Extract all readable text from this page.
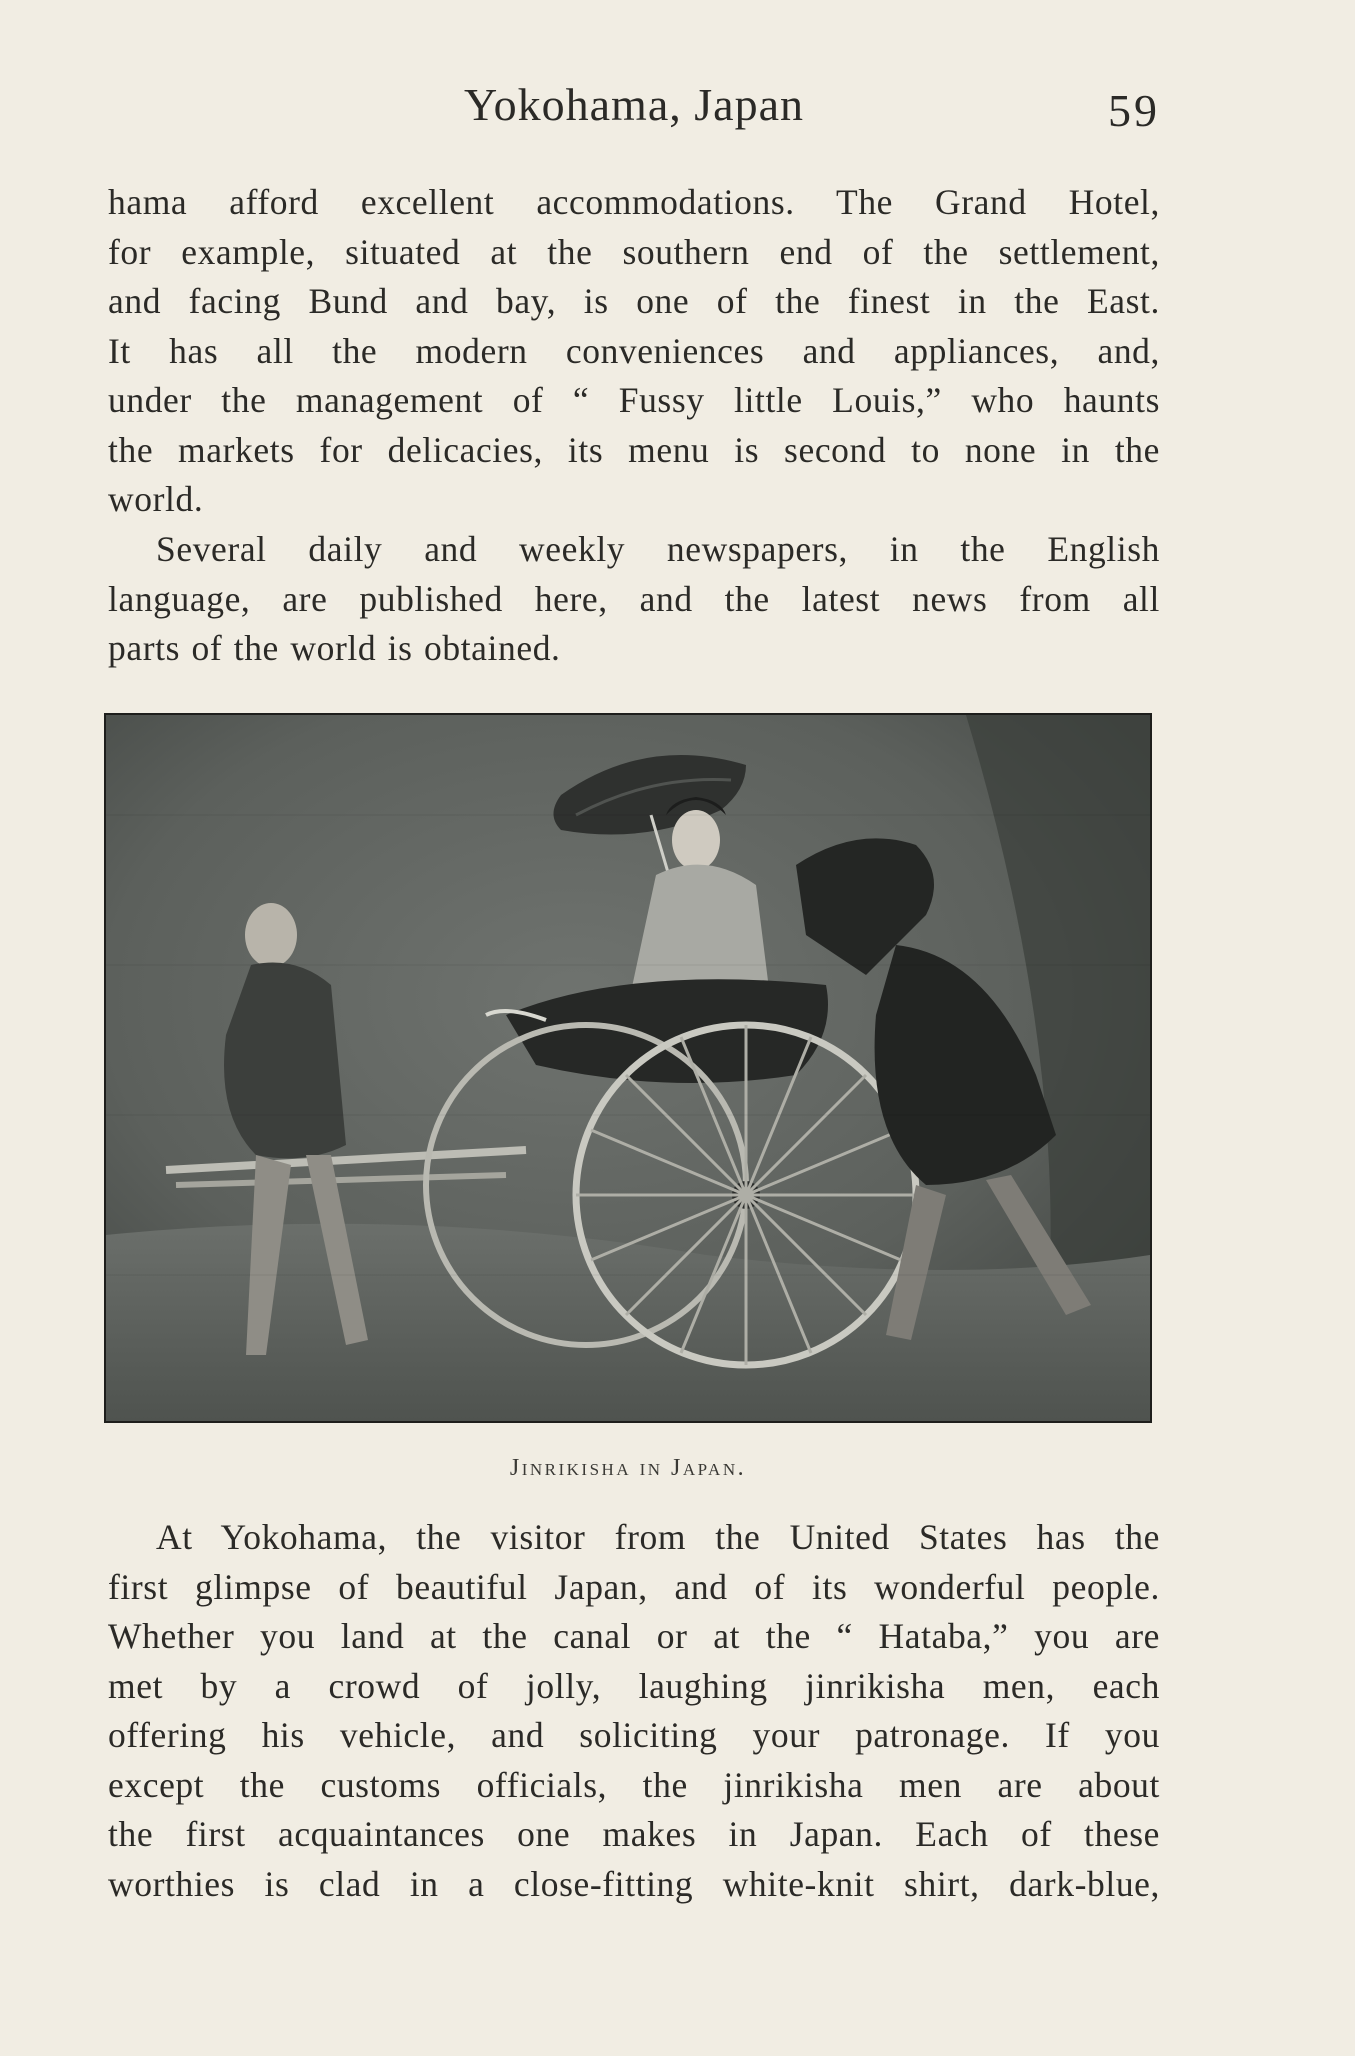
Yokohama, Japan	59
hama afford excellent accommodations. The Grand Hotel,
for example, situated at the southern end of the settlement,
and facing Bund and bay, is one of the finest in the East.
It has all the modern conveniences and appliances, and,
under the management of “ Fussy little Louis,” who haunts
the markets for delicacies, its menu is second to none in the
world.
Several daily and weekly newspapers, in the English
language, are published here, and the latest news from all
parts of the world is obtained.
Jinrikisha in Japan.
At Yokohama, the visitor from the United States has the
first glimpse of beautiful Japan, and of its wonderful people.
Whether you land at the canal or at the “ Hataba,” you are
met by a crowd of jolly, laughing jinrikisha men, each
offering his vehicle, and soliciting your patronage. If you
except the customs officials, the jinrikisha men are about
the first acquaintances one makes in Japan. Each of these
worthies is clad in a close-fitting white-knit shirt, dark-blue,
